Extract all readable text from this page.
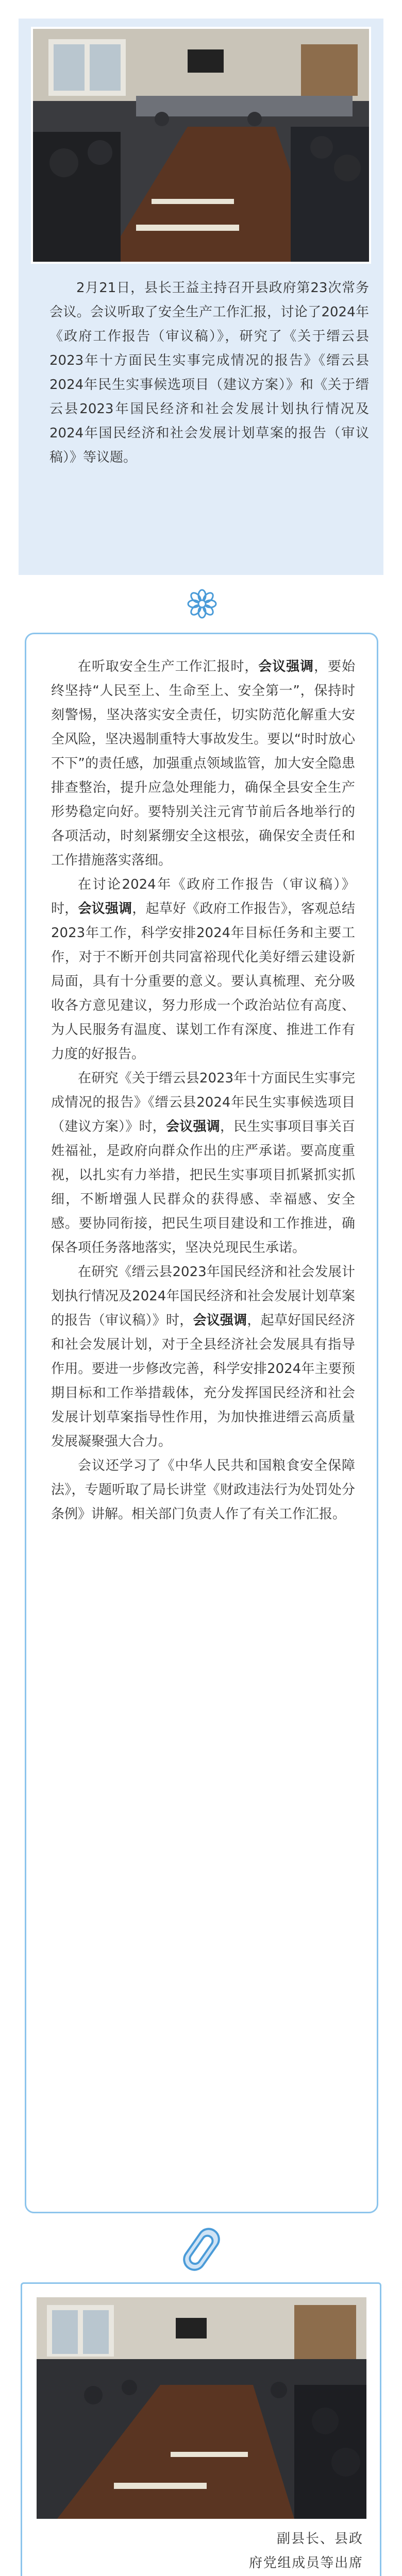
2月21日，县长王益主持召开县政府第23次常务会议。会议听取了安全生产工作汇报，讨论了2024年《政府工作报告（审议稿）》，研究了《关于缙云县2023年十方面民生实事完成情况的报告》《缙云县2024年民生实事候选项目（建议方案）》和《关于缙云县2023年国民经济和社会发展计划执行情况及2024年国民经济和社会发展计划草案的报告（审议稿）》等议题。

在听取安全生产工作汇报时，会议强调，要始终坚持“人民至上、生命至上、安全第一”，保持时刻警惕，坚决落实安全责任，切实防范化解重大安全风险，坚决遏制重特大事故发生。要以“时时放心不下”的责任感，加强重点领域监管，加大安全隐患排查整治，提升应急处理能力，确保全县安全生产形势稳定向好。要特别关注元宵节前后各地举行的各项活动，时刻紧绷安全这根弦，确保安全责任和工作措施落实落细。

在讨论2024年《政府工作报告（审议稿）》时，会议强调，起草好《政府工作报告》，客观总结2023年工作，科学安排2024年目标任务和主要工作，对于不断开创共同富裕现代化美好缙云建设新局面，具有十分重要的意义。要认真梳理、充分吸收各方意见建议，努力形成一个政治站位有高度、为人民服务有温度、谋划工作有深度、推进工作有力度的好报告。

在研究《关于缙云县2023年十方面民生实事完成情况的报告》《缙云县2024年民生实事候选项目（建议方案）》时，会议强调，民生实事项目事关百姓福祉，是政府向群众作出的庄严承诺。要高度重视，以扎实有力举措，把民生实事项目抓紧抓实抓细，不断增强人民群众的获得感、幸福感、安全感。要协同衔接，把民生项目建设和工作推进，确保各项任务落地落实，坚决兑现民生承诺。

在研究《缙云县2023年国民经济和社会发展计划执行情况及2024年国民经济和社会发展计划草案的报告（审议稿）》时，会议强调，起草好国民经济和社会发展计划，对于全县经济社会发展具有指导作用。要进一步修改完善，科学安排2024年主要预期目标和工作举措载体，充分发挥国民经济和社会发展计划草案指导性作用，为加快推进缙云高质量发展凝聚强大合力。

会议还学习了《中华人民共和国粮食安全保障法》，专题听取了局长讲堂《财政违法行为处罚处分条例》讲解。相关部门负责人作了有关工作汇报。

副县长、县政府党组成员等出席
